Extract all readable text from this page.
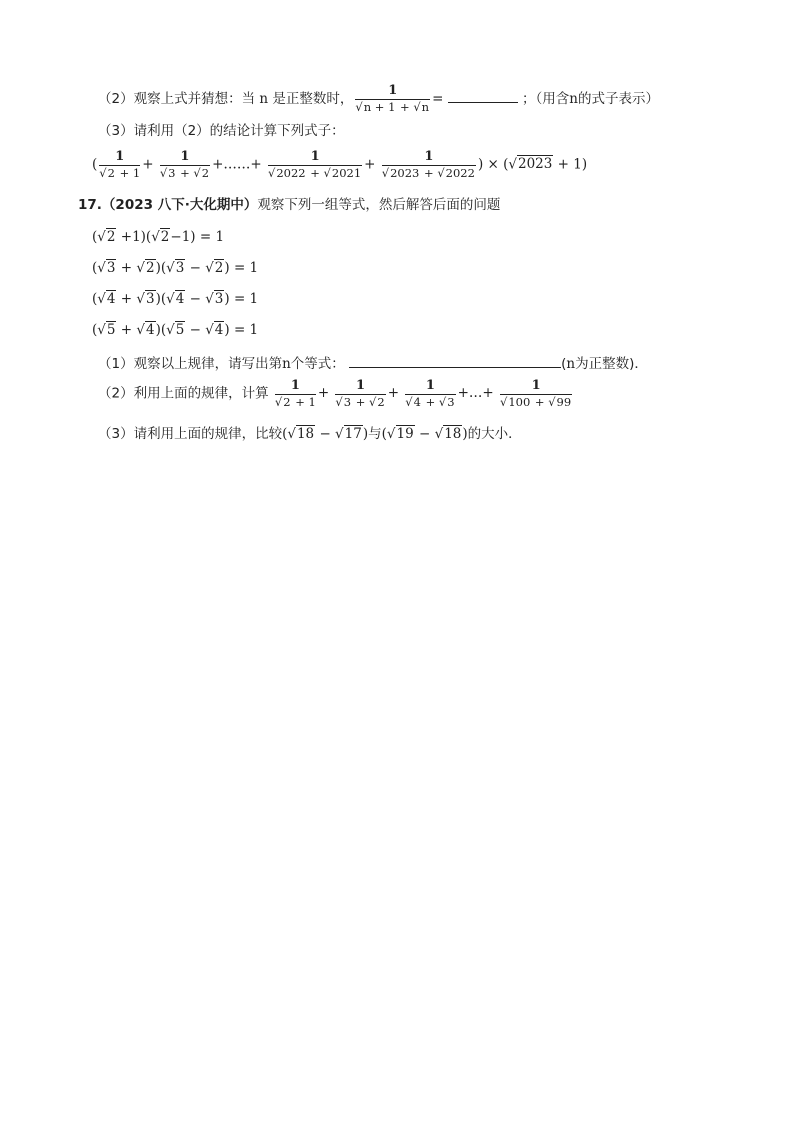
（2）观察上式并猜想：当 n 是正整数时， $\frac{1}{√n + 1 + √n}$ =	；（用含n的式子表示）
（3）请利用（2）的结论计算下列式子：
( $\frac{1}{√2 + 1} + \frac{1}{√3 + √2}$ +……+ $\frac{1}{√2022 + √2021} + \frac{1}{√2023 + √2022}$ ) × (√2023 + 1)
17.（2023 八下·大化期中）观察下列一组等式，然后解答后面的问题
(√2 +1)(√2−1) = 1
(√3 + √2)(√3 − √2) = 1
(√4 + √3)(√4 − √3) = 1
(√5 + √4)(√5 − √4) = 1
（1）观察以上规律，请写出第n个等式：	(n为正整数)．
（2）利用上面的规律，计算 $\frac{1}{√2 + 1} + \frac{1}{√3 + √2} + \frac{1}{√4 + √3}$ +…+ $\frac{1}{√100 + √99}$
（3）请利用上面的规律，比较(√18 − √17)与(√19 − √18)的大小．
